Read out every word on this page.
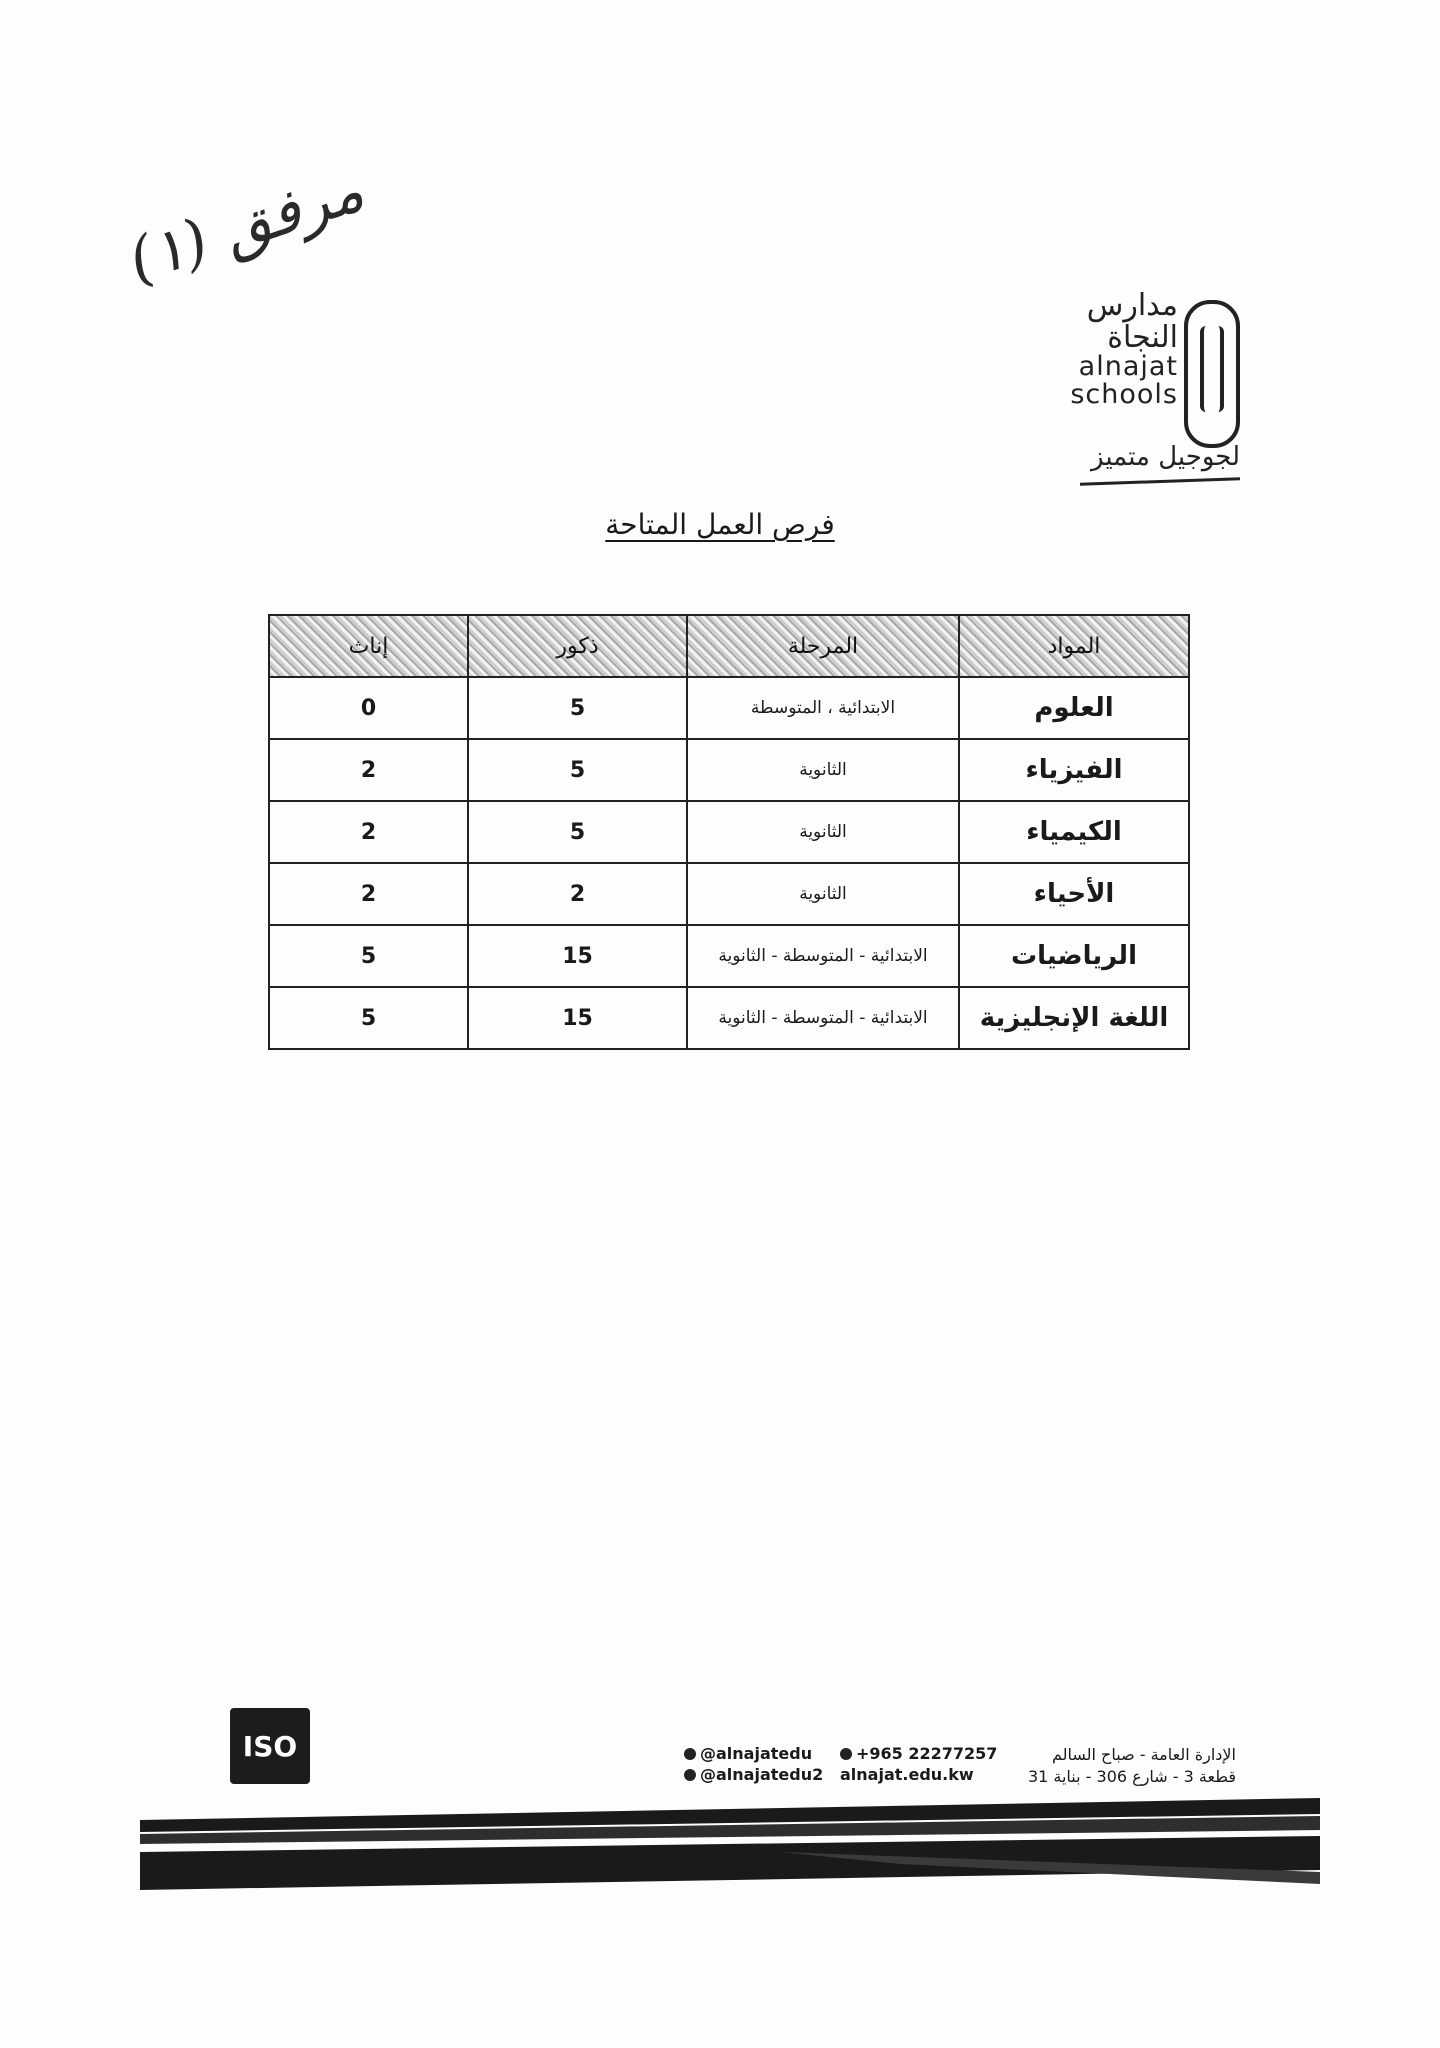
مرفق (١)
مدارس
النجاة
alnajat
schools
لجوجيل متميز
فرص العمل المتاحة
المواد	المرحلة	ذكور	إناث
العلوم	الابتدائية ، المتوسطة	5	0
الفيزياء	الثانوية	5	2
الكيمياء	الثانوية	5	2
الأحياء	الثانوية	2	2
الرياضيات	الابتدائية - المتوسطة - الثانوية	15	5
اللغة الإنجليزية	الابتدائية - المتوسطة - الثانوية	15	5
ISO	@alnajatedu
@alnajatedu2
+965 22277257
alnajat.edu.kw
الإدارة العامة - صباح السالم
قطعة 3 - شارع 306 - بناية 31
